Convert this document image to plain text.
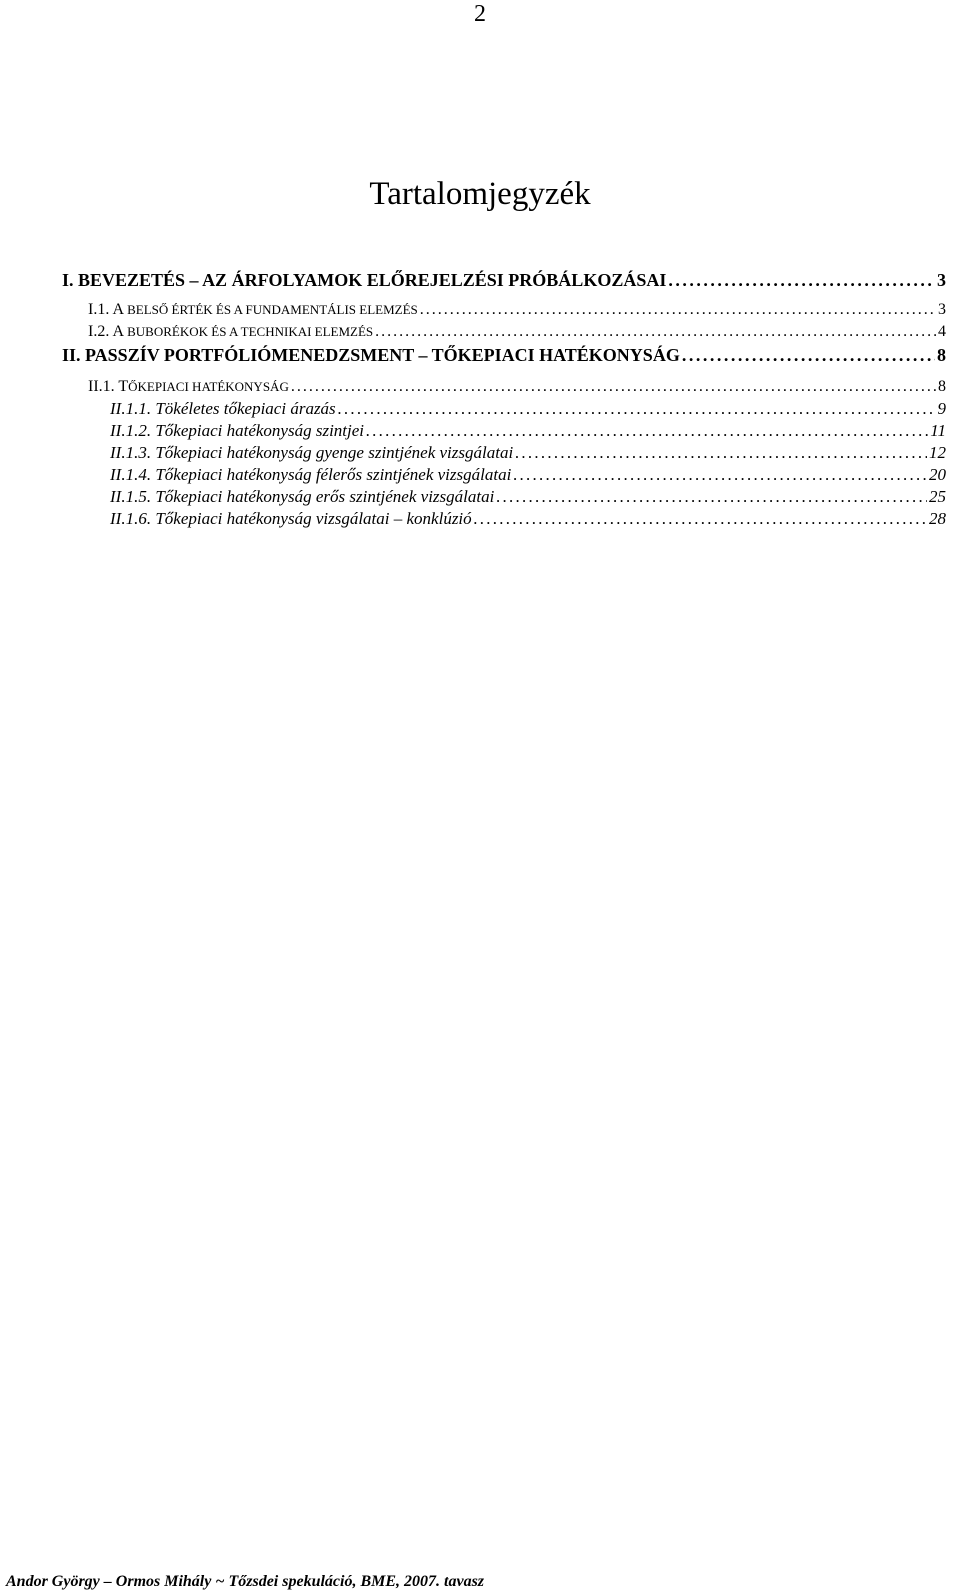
2
Tartalomjegyzék
I. BEVEZETÉS – AZ ÁRFOLYAMOK ELŐREJELZÉSI PRÓBÁLKOZÁSAI . . .	3
I.1. A BELSŐ ÉRTÉK ÉS A FUNDAMENTÁLIS ELEMZÉS . . .	3
I.2. A BUBORÉKOK ÉS A TECHNIKAI ELEMZÉS . . .	4
II. PASSZÍV PORTFÓLIÓMENEDZSMENT – TŐKEPIACI HATÉKONYSÁG . . .	8
II.1. TŐKEPIACI HATÉKONYSÁG . . .	8
II.1.1. Tökéletes tőkepiaci árazás . . .	9
II.1.2. Tőkepiaci hatékonyság szintjei . . .	11
II.1.3. Tőkepiaci hatékonyság gyenge szintjének vizsgálatai . . .	12
II.1.4. Tőkepiaci hatékonyság félerős szintjének vizsgálatai . . .	20
II.1.5. Tőkepiaci hatékonyság erős szintjének vizsgálatai . . .	25
II.1.6. Tőkepiaci hatékonyság vizsgálatai – konklúzió . . .	28
Andor György – Ormos Mihály ~ Tőzsdei spekuláció, BME, 2007. tavasz
